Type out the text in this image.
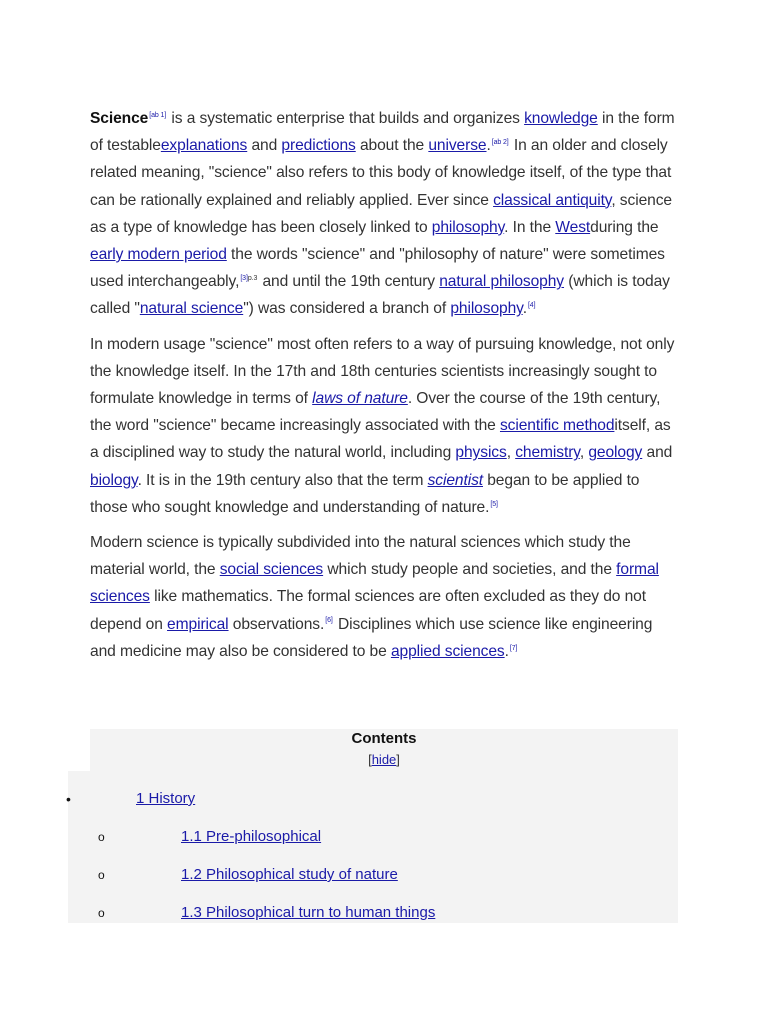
Science[ab 1] is a systematic enterprise that builds and organizes knowledge in the form of testableexplanations and predictions about the universe.[ab 2] In an older and closely related meaning, "science" also refers to this body of knowledge itself, of the type that can be rationally explained and reliably applied. Ever since classical antiquity, science as a type of knowledge has been closely linked to philosophy. In the Westduring the early modern period the words "science" and "philosophy of nature" were sometimes used interchangeably,$^{[3]p.3}$ and until the 19th century natural philosophy (which is today called "natural science") was considered a branch of philosophy.[4]

In modern usage "science" most often refers to a way of pursuing knowledge, not only the knowledge itself. In the 17th and 18th centuries scientists increasingly sought to formulate knowledge in terms of laws of nature. Over the course of the 19th century, the word "science" became increasingly associated with the scientific methoditself, as a disciplined way to study the natural world, including physics, chemistry, geology and biology. It is in the 19th century also that the term scientist began to be applied to those who sought knowledge and understanding of nature.[5]

Modern science is typically subdivided into the natural sciences which study the material world, the social sciences which study people and societies, and the formal sciences like mathematics. The formal sciences are often excluded as they do not depend on empirical observations.[6] Disciplines which use science like engineering and medicine may also be considered to be applied sciences.[7]

Contents
[hide]
•	1 History
o	1.1 Pre-philosophical
o	1.2 Philosophical study of nature
o	1.3 Philosophical turn to human things
